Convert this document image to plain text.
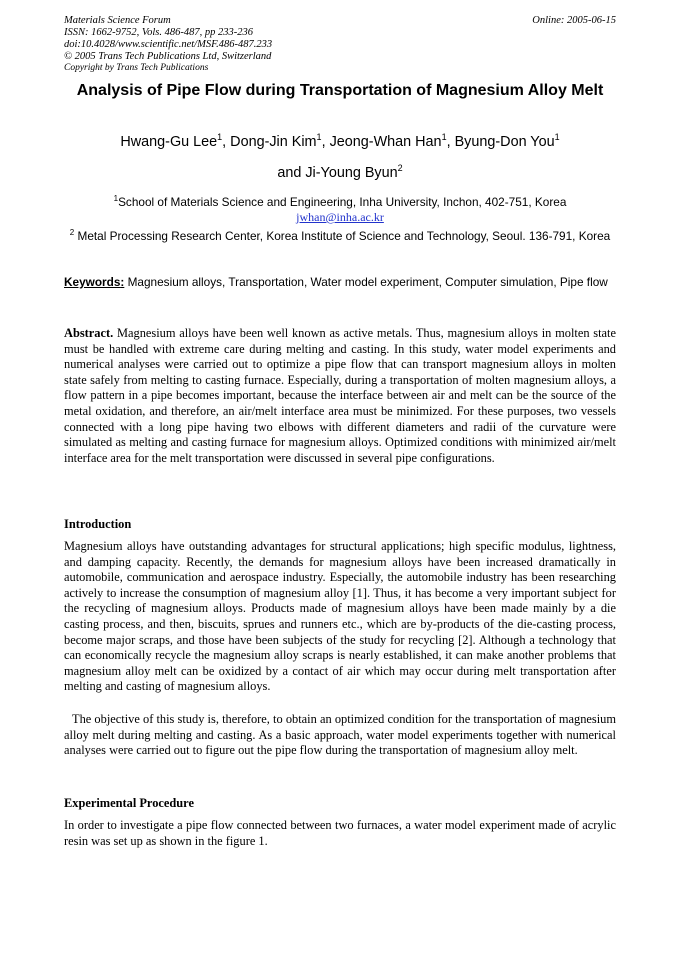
Materials Science Forum	Online: 2005-06-15
ISSN: 1662-9752, Vols. 486-487, pp 233-236
doi:10.4028/www.scientific.net/MSF.486-487.233
© 2005 Trans Tech Publications Ltd, Switzerland
Copyright by Trans Tech Publications
Analysis of Pipe Flow during Transportation of Magnesium Alloy Melt
Hwang-Gu Lee$^1$, Dong-Jin Kim$^1$, Jeong-Whan Han$^1$, Byung-Don You$^1$
and Ji-Young Byun$^2$
$^1$School of Materials Science and Engineering, Inha University, Inchon, 402-751, Korea
jwhan@inha.ac.kr
$^2$ Metal Processing Research Center, Korea Institute of Science and Technology, Seoul. 136-791, Korea
Keywords: Magnesium alloys, Transportation, Water model experiment, Computer simulation, Pipe flow
Abstract. Magnesium alloys have been well known as active metals. Thus, magnesium alloys in molten state must be handled with extreme care during melting and casting. In this study, water model experiments and numerical analyses were carried out to optimize a pipe flow that can transport magnesium alloys in molten state safely from melting to casting furnace. Especially, during a transportation of molten magnesium alloys, a flow pattern in a pipe becomes important, because the interface between air and melt can be the source of the metal oxidation, and therefore, an air/melt interface area must be minimized. For these purposes, two vessels connected with a long pipe having two elbows with different diameters and radii of the curvature were simulated as melting and casting furnace for magnesium alloys. Optimized conditions with minimized air/melt interface area for the melt transportation were discussed in several pipe configurations.
Introduction
Magnesium alloys have outstanding advantages for structural applications; high specific modulus, lightness, and damping capacity. Recently, the demands for magnesium alloys have been increased dramatically in automobile, communication and aerospace industry. Especially, the automobile industry has been researching actively to increase the consumption of magnesium alloy [1]. Thus, it has become a very important subject for the recycling of magnesium alloys. Products made of magnesium alloys have been made mainly by a die casting process, and then, biscuits, sprues and runners etc., which are by-products of the die-casting process, become major scraps, and those have been subjects of the study for recycling [2]. Although a technology that can economically recycle the magnesium alloy scraps is nearly established, it can make another problems that magnesium alloy melt can be oxidized by a contact of air which may occur during melt transportation after melting and casting of magnesium alloys.
The objective of this study is, therefore, to obtain an optimized condition for the transportation of magnesium alloy melt during melting and casting. As a basic approach, water model experiments together with numerical analyses were carried out to figure out the pipe flow during the transportation of magnesium alloy melt.
Experimental Procedure
In order to investigate a pipe flow connected between two furnaces, a water model experiment made of acrylic resin was set up as shown in the figure 1.
